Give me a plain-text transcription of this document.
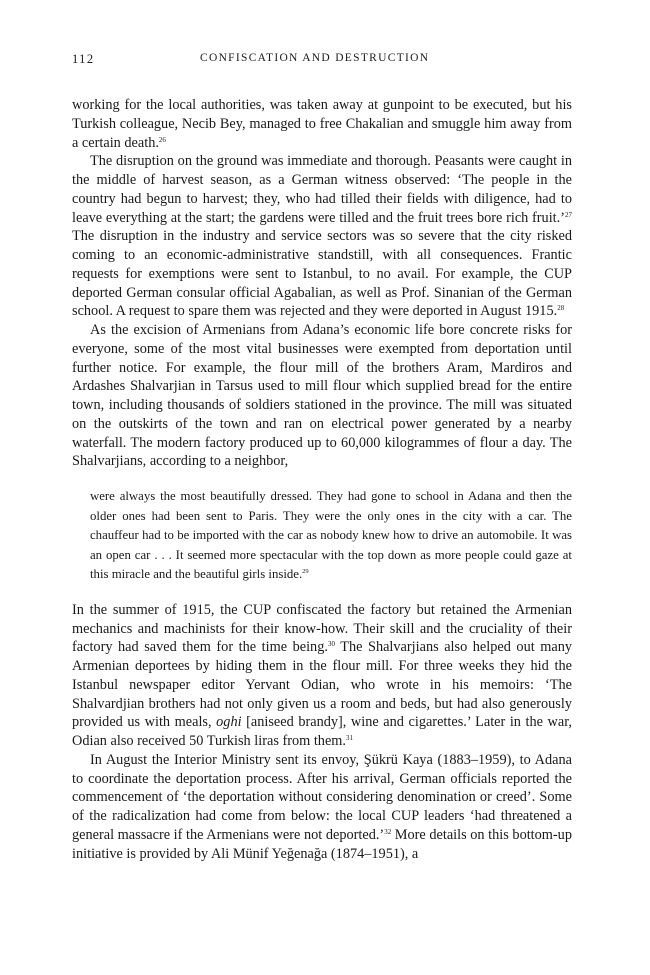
112	CONFISCATION AND DESTRUCTION

working for the local authorities, was taken away at gunpoint to be executed, but his Turkish colleague, Necib Bey, managed to free Chakalian and smuggle him away from a certain death.$^{26}$

The disruption on the ground was immediate and thorough. Peasants were caught in the middle of harvest season, as a German witness observed: ‘The people in the country had begun to harvest; they, who had tilled their fields with diligence, had to leave everything at the start; the gardens were tilled and the fruit trees bore rich fruit.’$^{27}$ The disruption in the industry and service sectors was so severe that the city risked coming to an economic-administrative standstill, with all consequences. Frantic requests for exemptions were sent to Istanbul, to no avail. For example, the CUP deported German consular official Agabalian, as well as Prof. Sinanian of the German school. A request to spare them was rejected and they were deported in August 1915.28

As the excision of Armenians from Adana’s economic life bore concrete risks for everyone, some of the most vital businesses were exempted from deportation until further notice. For example, the flour mill of the brothers Aram, Mardiros and Ardashes Shalvarjian in Tarsus used to mill flour which supplied bread for the entire town, including thousands of soldiers stationed in the province. The mill was situated on the outskirts of the town and ran on electrical power generated by a nearby waterfall. The modern factory produced up to 60,000 kilogrammes of flour a day. The Shalvarjians, according to a neighbor,

were always the most beautifully dressed. They had gone to school in Adana and then the older ones had been sent to Paris. They were the only ones in the city with a car. The chauffeur had to be imported with the car as nobody knew how to drive an automobile. It was an open car . . . It seemed more spectacular with the top down as more people could gaze at this miracle and the beautiful girls inside.$^{29}$

In the summer of 1915, the CUP confiscated the factory but retained the Armenian mechanics and machinists for their know-how. Their skill and the cruciality of their factory had saved them for the time being.$^{30}$ The Shalvarjians also helped out many Armenian deportees by hiding them in the flour mill. For three weeks they hid the Istanbul newspaper editor Yervant Odian, who wrote in his memoirs: ‘The Shalvardjian brothers had not only given us a room and beds, but had also generously provided us with meals, oghi [aniseed brandy], wine and cigarettes.’ Later in the war, Odian also received 50 Turkish liras from them.$^{31}$

In August the Interior Ministry sent its envoy, Şükrü Kaya (1883–1959), to Adana to coordinate the deportation process. After his arrival, German officials reported the commencement of ‘the deportation without considering denomination or creed’. Some of the radicalization had come from below: the local CUP leaders ‘had threatened a general massacre if the Armenians were not deported.’$^{32}$ More details on this bottom-up initiative is provided by Ali Münif Yeğenağa (1874–1951), a
